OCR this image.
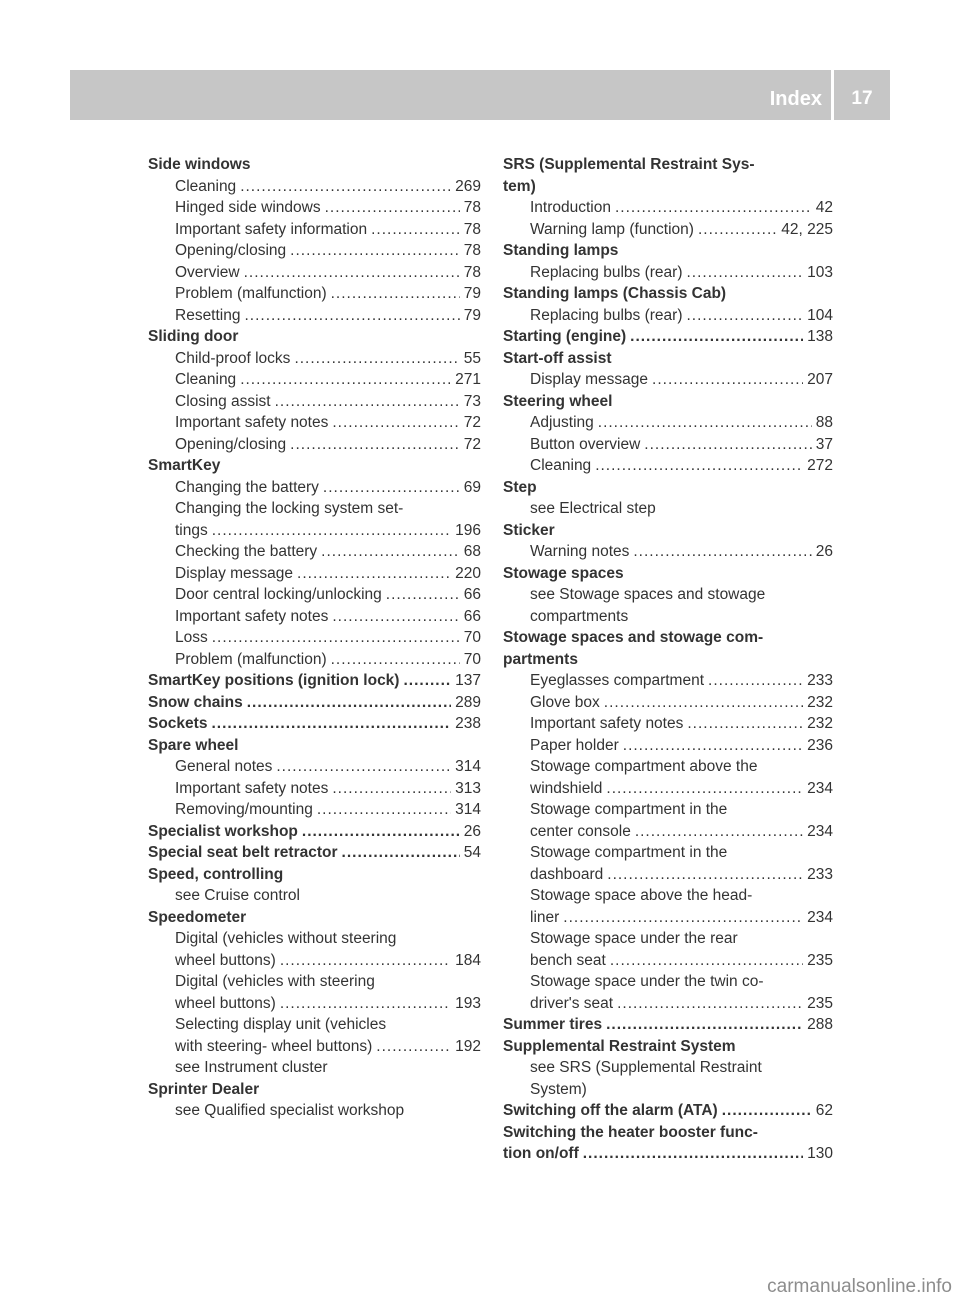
Index	17
Side windows
Cleaning .....	269
Hinged side windows .....	78
Important safety information .....	78
Opening/closing .....	78
Overview .....	78
Problem (malfunction) .....	79
Resetting .....	79
Sliding door
Child-proof locks .....	55
Cleaning .....	271
Closing assist .....	73
Important safety notes .....	72
Opening/closing .....	72
SmartKey
Changing the battery .....	69
Changing the locking system set-
tings .....	196
Checking the battery .....	68
Display message .....	220
Door central locking/unlocking .....	66
Important safety notes .....	66
Loss .....	70
Problem (malfunction) .....	70
SmartKey positions (ignition lock) .....	137
Snow chains .....	289
Sockets .....	238
Spare wheel
General notes .....	314
Important safety notes .....	313
Removing/mounting .....	314
Specialist workshop .....	26
Special seat belt retractor .....	54
Speed, controlling
see Cruise control
Speedometer
Digital (vehicles without steering
wheel buttons) .....	184
Digital (vehicles with steering
wheel buttons) .....	193
Selecting display unit (vehicles
with steering- wheel buttons) .....	192
see Instrument cluster
Sprinter Dealer
see Qualified specialist workshop
SRS (Supplemental Restraint Sys-
tem)
Introduction .....	42
Warning lamp (function) .....	42, 225
Standing lamps
Replacing bulbs (rear) .....	103
Standing lamps (Chassis Cab)
Replacing bulbs (rear) .....	104
Starting (engine) .....	138
Start-off assist
Display message .....	207
Steering wheel
Adjusting .....	88
Button overview .....	37
Cleaning .....	272
Step
see Electrical step
Sticker
Warning notes .....	26
Stowage spaces
see Stowage spaces and stowage
compartments
Stowage spaces and stowage com-
partments
Eyeglasses compartment .....	233
Glove box .....	232
Important safety notes .....	232
Paper holder .....	236
Stowage compartment above the
windshield .....	234
Stowage compartment in the
center console .....	234
Stowage compartment in the
dashboard .....	233
Stowage space above the head-
liner .....	234
Stowage space under the rear
bench seat .....	235
Stowage space under the twin co-
driver's seat .....	235
Summer tires .....	288
Supplemental Restraint System
see SRS (Supplemental Restraint
System)
Switching off the alarm (ATA) .....	62
Switching the heater booster func-
tion on/off .....	130
carmanualsonline.info
